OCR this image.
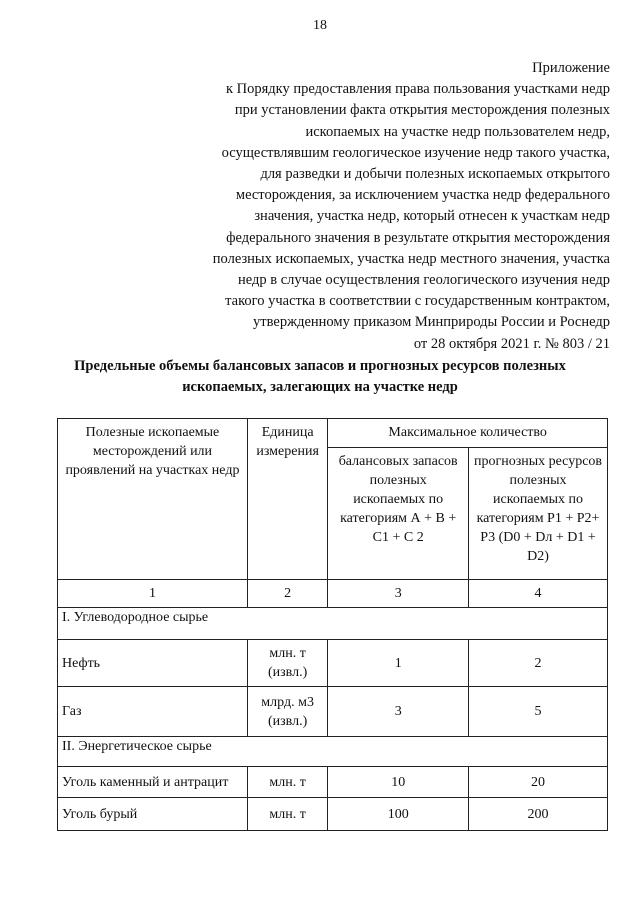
18
Приложение
к Порядку предоставления права пользования участками недр
при установлении факта открытия месторождения полезных
ископаемых на участке недр пользователем недр,
осуществлявшим геологическое изучение недр такого участка,
для разведки и добычи полезных ископаемых открытого
месторождения, за исключением участка недр федерального
значения, участка недр, который отнесен к участкам недр
федерального значения в результате открытия месторождения
полезных ископаемых, участка недр местного значения, участка
недр в случае осуществления геологического изучения недр
такого участка в соответствии с государственным контрактом,
утвержденному приказом Минприроды России и Роснедр
от 28 октября 2021 г. № 803 / 21
Предельные объемы балансовых запасов и прогнозных ресурсов полезных
ископаемых, залегающих на участке недр
Полезные ископаемые месторождений или проявлений на участках недр	Единица измерения	Максимальное количество	
		балансовых запасов полезных ископаемых по категориям А + В + С1 + С 2	прогнозных ресурсов полезных ископаемых по категориям Р1 + Р2+ Р3 (D0 + Dл + D1 + D2)
1	2	3	4
I. Углеводородное сырье			
Нефть	млн. т (извл.)	1	2
Газ	млрд. м3 (извл.)	3	5
II. Энергетическое сырье			
Уголь каменный и антрацит	млн. т	10	20
Уголь бурый	млн. т	100	200
